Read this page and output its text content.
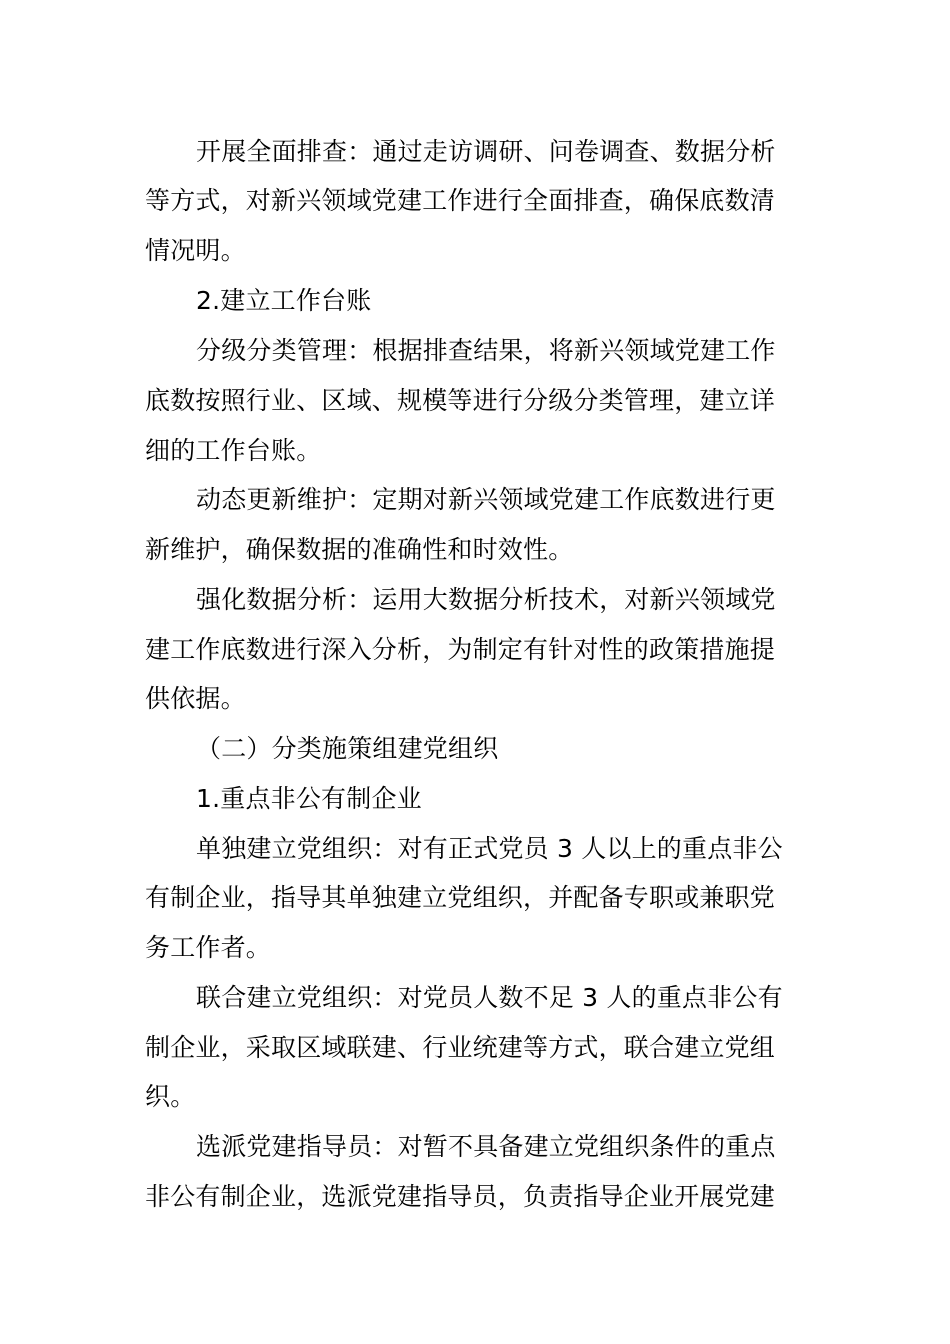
开展全面排查：通过走访调研、问卷调查、数据分析
等方式，对新兴领域党建工作进行全面排查，确保底数清
情况明。
2.建立工作台账
分级分类管理：根据排查结果，将新兴领域党建工作
底数按照行业、区域、规模等进行分级分类管理，建立详
细的工作台账。
动态更新维护：定期对新兴领域党建工作底数进行更
新维护，确保数据的准确性和时效性。
强化数据分析：运用大数据分析技术，对新兴领域党
建工作底数进行深入分析，为制定有针对性的政策措施提
供依据。
（二）分类施策组建党组织
1.重点非公有制企业
单独建立党组织：对有正式党员 3 人以上的重点非公
有制企业，指导其单独建立党组织，并配备专职或兼职党
务工作者。
联合建立党组织：对党员人数不足 3 人的重点非公有
制企业，采取区域联建、行业统建等方式，联合建立党组
织。
选派党建指导员：对暂不具备建立党组织条件的重点
非公有制企业，选派党建指导员，负责指导企业开展党建
